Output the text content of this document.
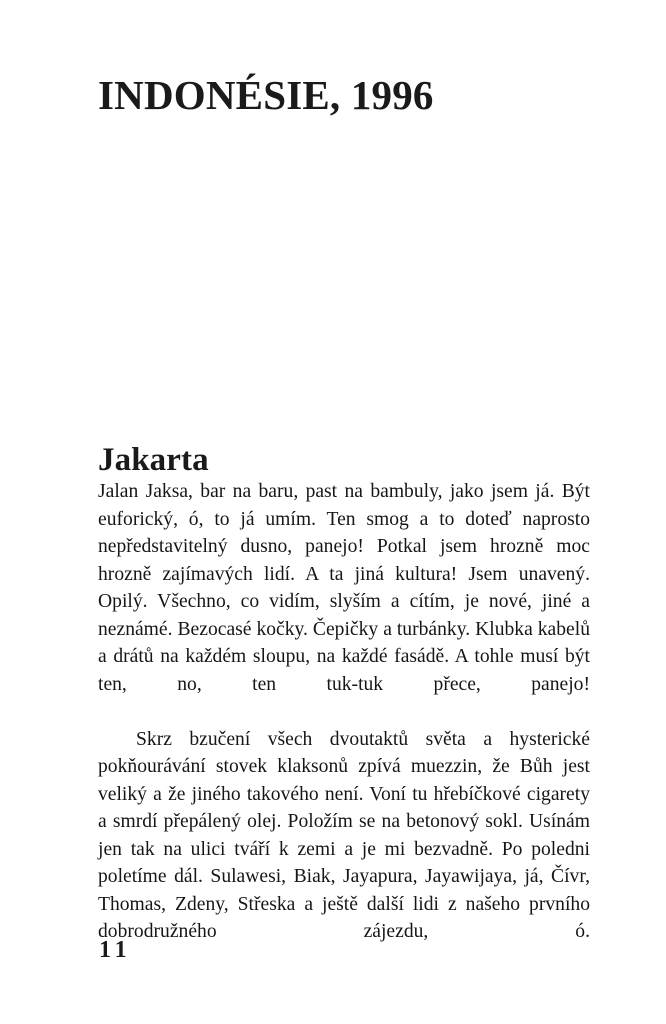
INDONÉSIE, 1996
Jakarta

Jalan Jaksa, bar na baru, past na bambuly, jako jsem já. Být euforický, ó, to já umím. Ten smog a to doteď naprosto nepředstavitelný dusno, panejo! Potkal jsem hrozně moc hrozně zajímavých lidí. A ta jiná kultura! Jsem unavený. Opilý. Všechno, co vidím, slyším a cítím, je nové, jiné a neznámé. Bezocasé kočky. Čepičky a turbánky. Klubka kabelů a drátů na každém sloupu, na každé fasádě. A tohle musí být ten, no, ten tuk-tuk přece, panejo!

Skrz bzučení všech dvoutaktů světa a hysterické pokňourávání stovek klaksonů zpívá muezzin, že Bůh jest veliký a že jiného takového není. Voní tu hřebíčkové cigarety a smrdí přepálený olej. Položím se na betonový sokl. Usínám jen tak na ulici tváří k zemi a je mi bezvadně. Po poledni poletíme dál. Sulawesi, Biak, Jayapura, Jayawijaya, já, Čívr, Thomas, Zdeny, Střeska a ještě další lidi z našeho prvního dobrodružného zájezdu, ó.

11
